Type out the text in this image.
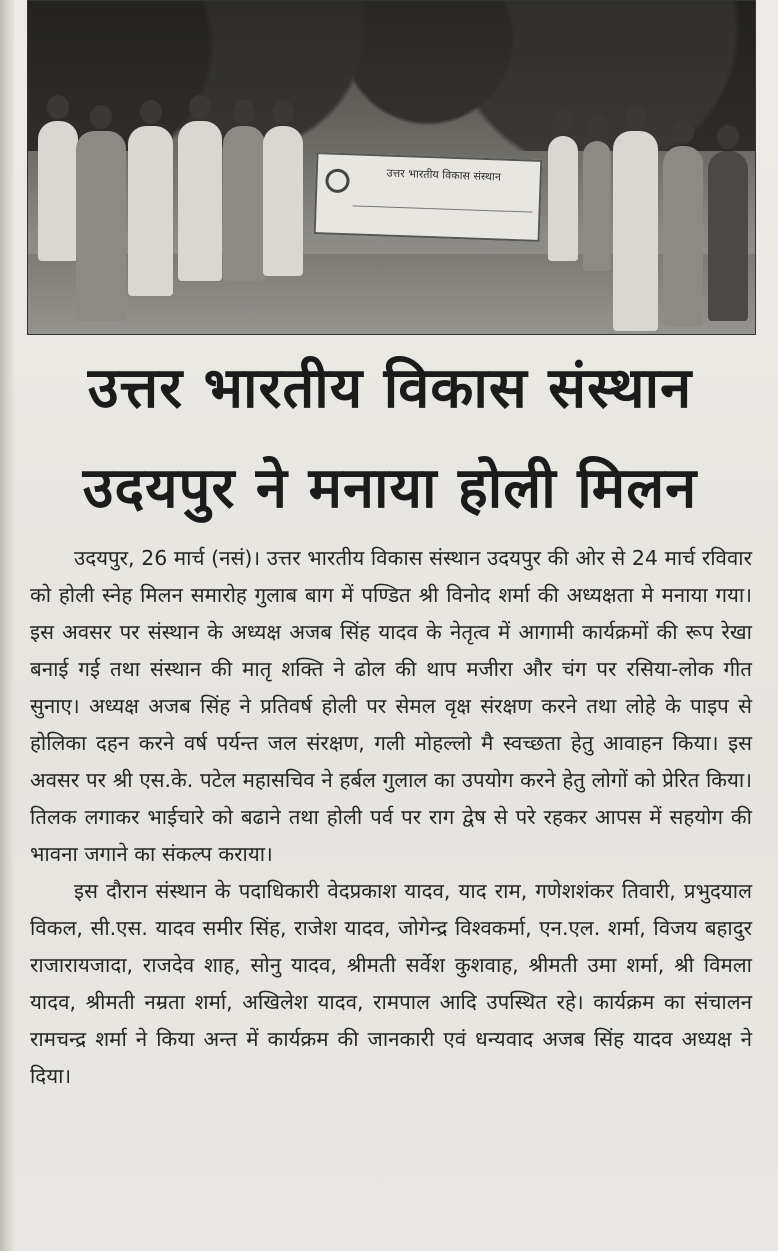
उत्तर भारतीय विकास संस्थान
उत्तर भारतीय विकास संस्थान
उदयपुर ने मनाया होली मिलन

उदयपुर, 26 मार्च (नसं)। उत्तर भारतीय विकास संस्थान उदयपुर की ओर से 24 मार्च रविवार को होली स्नेह मिलन समारोह गुलाब बाग में पण्डित श्री विनोद शर्मा की अध्यक्षता मे मनाया गया। इस अवसर पर संस्थान के अध्यक्ष अजब सिंह यादव के नेतृत्व में आगामी कार्यक्रमों की रूप रेखा बनाई गई तथा संस्थान की मातृ शक्ति ने ढोल की थाप मजीरा और चंग पर रसिया-लोक गीत सुनाए। अध्यक्ष अजब सिंह ने प्रतिवर्ष होली पर सेमल वृक्ष संरक्षण करने तथा लोहे के पाइप से होलिका दहन करने वर्ष पर्यन्त जल संरक्षण, गली मोहल्लो मै स्वच्छता हेतु आवाहन किया। इस अवसर पर श्री एस.के. पटेल महासचिव ने हर्बल गुलाल का उपयोग करने हेतु लोगों को प्रेरित किया। तिलक लगाकर भाईचारे को बढाने तथा होली पर्व पर राग द्वेष से परे रहकर आपस में सहयोग की भावना जगाने का संकल्प कराया।

इस दौरान संस्थान के पदाधिकारी वेदप्रकाश यादव, याद राम, गणेशशंकर तिवारी, प्रभुदयाल विकल, सी.एस. यादव समीर सिंह, राजेश यादव, जोगेन्द्र विश्वकर्मा, एन.एल. शर्मा, विजय बहादुर राजारायजादा, राजदेव शाह, सोनु यादव, श्रीमती सर्वेश कुशवाह, श्रीमती उमा शर्मा, श्री विमला यादव, श्रीमती नम्रता शर्मा, अखिलेश यादव, रामपाल आदि उपस्थित रहे। कार्यक्रम का संचालन रामचन्द्र शर्मा ने किया अन्त में कार्यक्रम की जानकारी एवं धन्यवाद अजब सिंह यादव अध्यक्ष ने दिया।
